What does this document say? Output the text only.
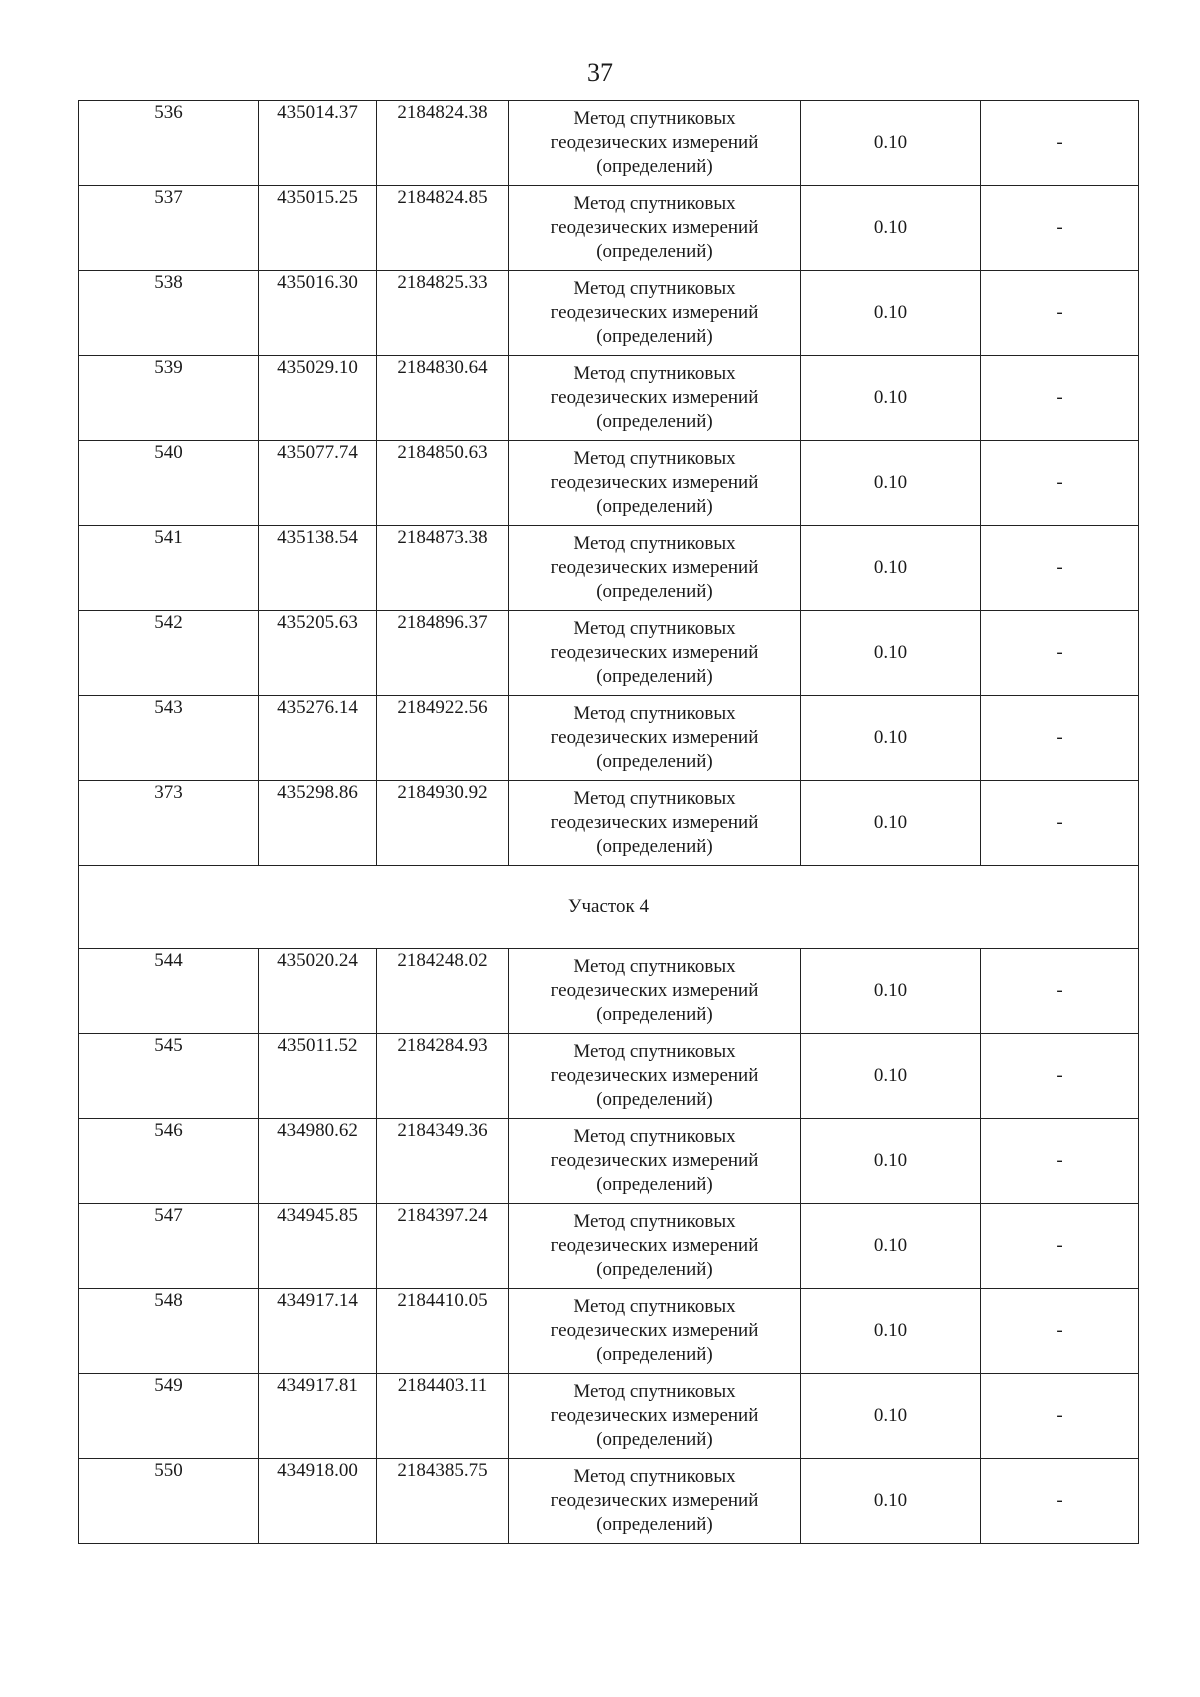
37
536	435014.37	2184824.38	Метод спутниковых
геодезических измерений
(определений)	0.10	-
537	435015.25	2184824.85	Метод спутниковых
геодезических измерений
(определений)	0.10	-
538	435016.30	2184825.33	Метод спутниковых
геодезических измерений
(определений)	0.10	-
539	435029.10	2184830.64	Метод спутниковых
геодезических измерений
(определений)	0.10	-
540	435077.74	2184850.63	Метод спутниковых
геодезических измерений
(определений)	0.10	-
541	435138.54	2184873.38	Метод спутниковых
геодезических измерений
(определений)	0.10	-
542	435205.63	2184896.37	Метод спутниковых
геодезических измерений
(определений)	0.10	-
543	435276.14	2184922.56	Метод спутниковых
геодезических измерений
(определений)	0.10	-
373	435298.86	2184930.92	Метод спутниковых
геодезических измерений
(определений)	0.10	-
Участок 4					
544	435020.24	2184248.02	Метод спутниковых
геодезических измерений
(определений)	0.10	-
545	435011.52	2184284.93	Метод спутниковых
геодезических измерений
(определений)	0.10	-
546	434980.62	2184349.36	Метод спутниковых
геодезических измерений
(определений)	0.10	-
547	434945.85	2184397.24	Метод спутниковых
геодезических измерений
(определений)	0.10	-
548	434917.14	2184410.05	Метод спутниковых
геодезических измерений
(определений)	0.10	-
549	434917.81	2184403.11	Метод спутниковых
геодезических измерений
(определений)	0.10	-
550	434918.00	2184385.75	Метод спутниковых
геодезических измерений
(определений)	0.10	-
